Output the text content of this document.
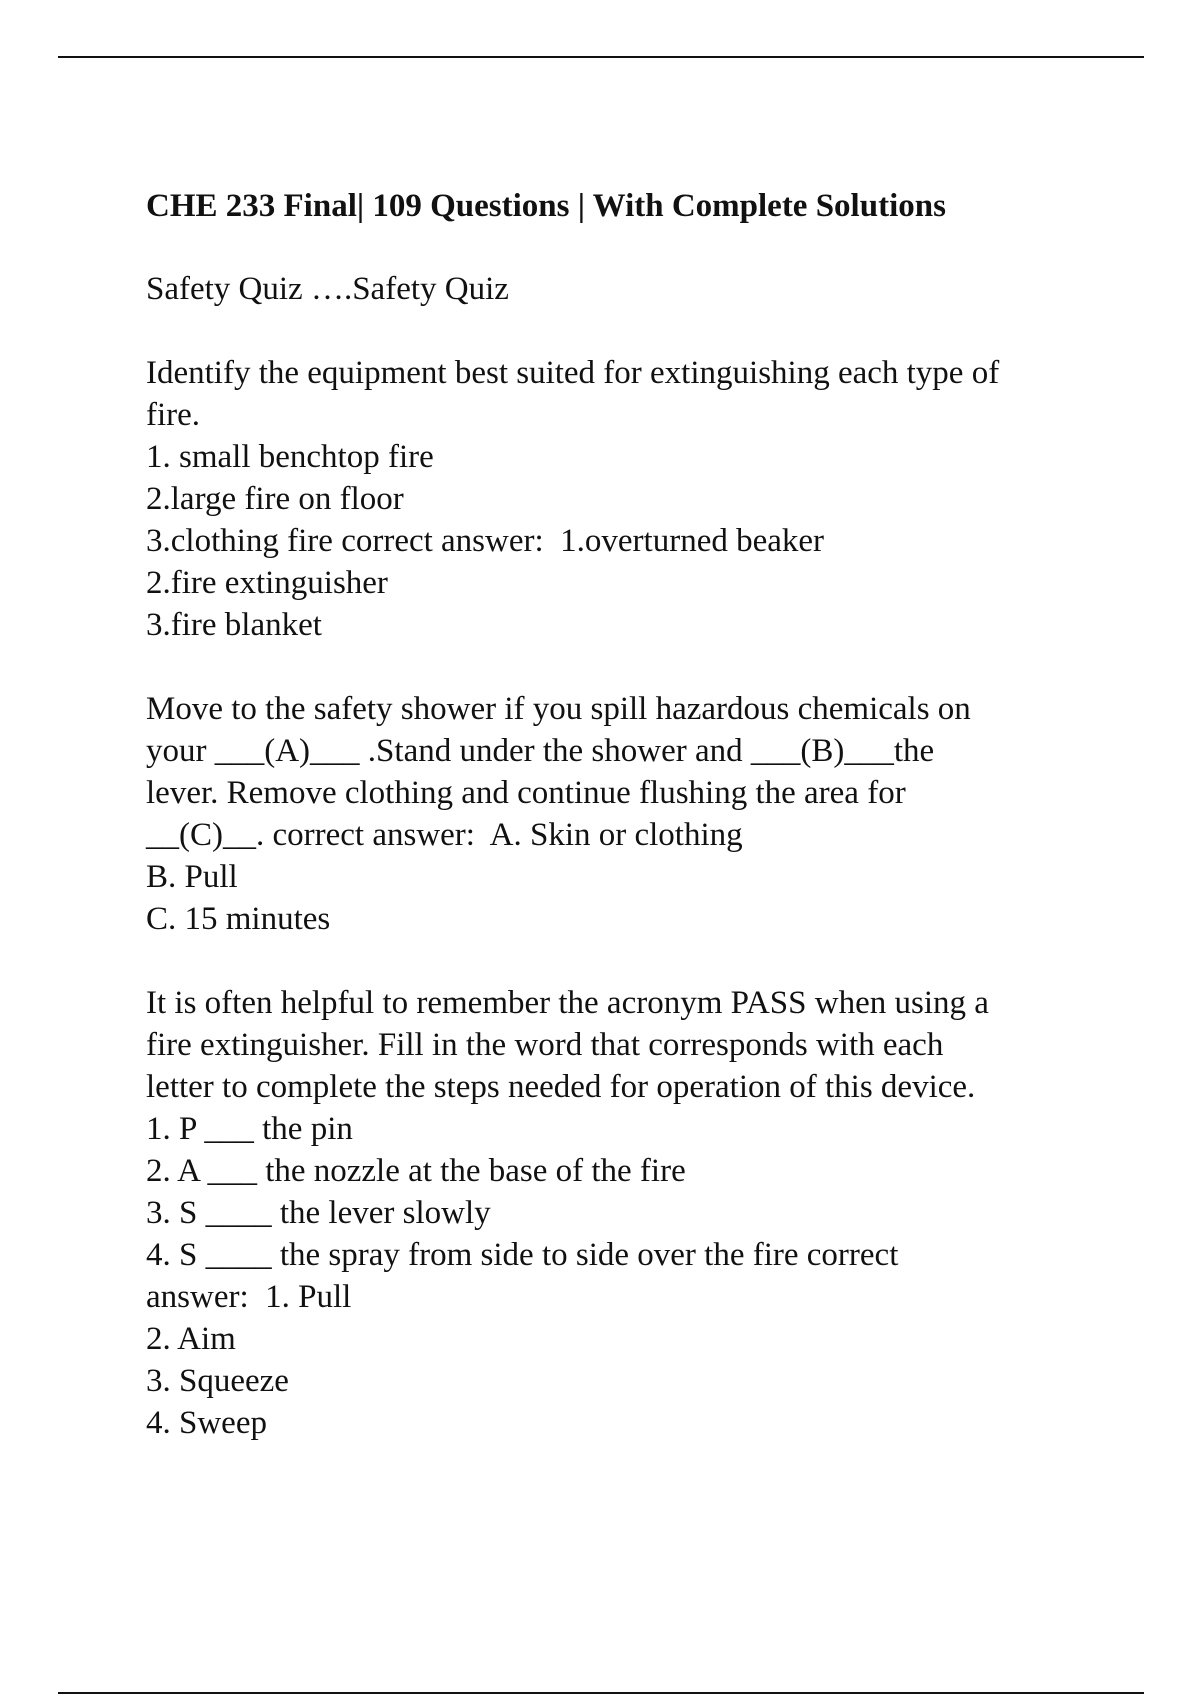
CHE 233 Final| 109 Questions | With Complete Solutions
Safety Quiz ….Safety Quiz
Identify the equipment best suited for extinguishing each type of
fire.
1. small benchtop fire
2.large fire on floor
3.clothing fire correct answer:  1.overturned beaker
2.fire extinguisher
3.fire blanket
Move to the safety shower if you spill hazardous chemicals on
your ___(A)___ .Stand under the shower and ___(B)___the
lever. Remove clothing and continue flushing the area for
__(C)__. correct answer:  A. Skin or clothing
B. Pull
C. 15 minutes
It is often helpful to remember the acronym PASS when using a
fire extinguisher. Fill in the word that corresponds with each
letter to complete the steps needed for operation of this device.
1. P ___ the pin
2. A ___ the nozzle at the base of the fire
3. S ____ the lever slowly
4. S ____ the spray from side to side over the fire correct
answer:  1. Pull
2. Aim
3. Squeeze
4. Sweep
